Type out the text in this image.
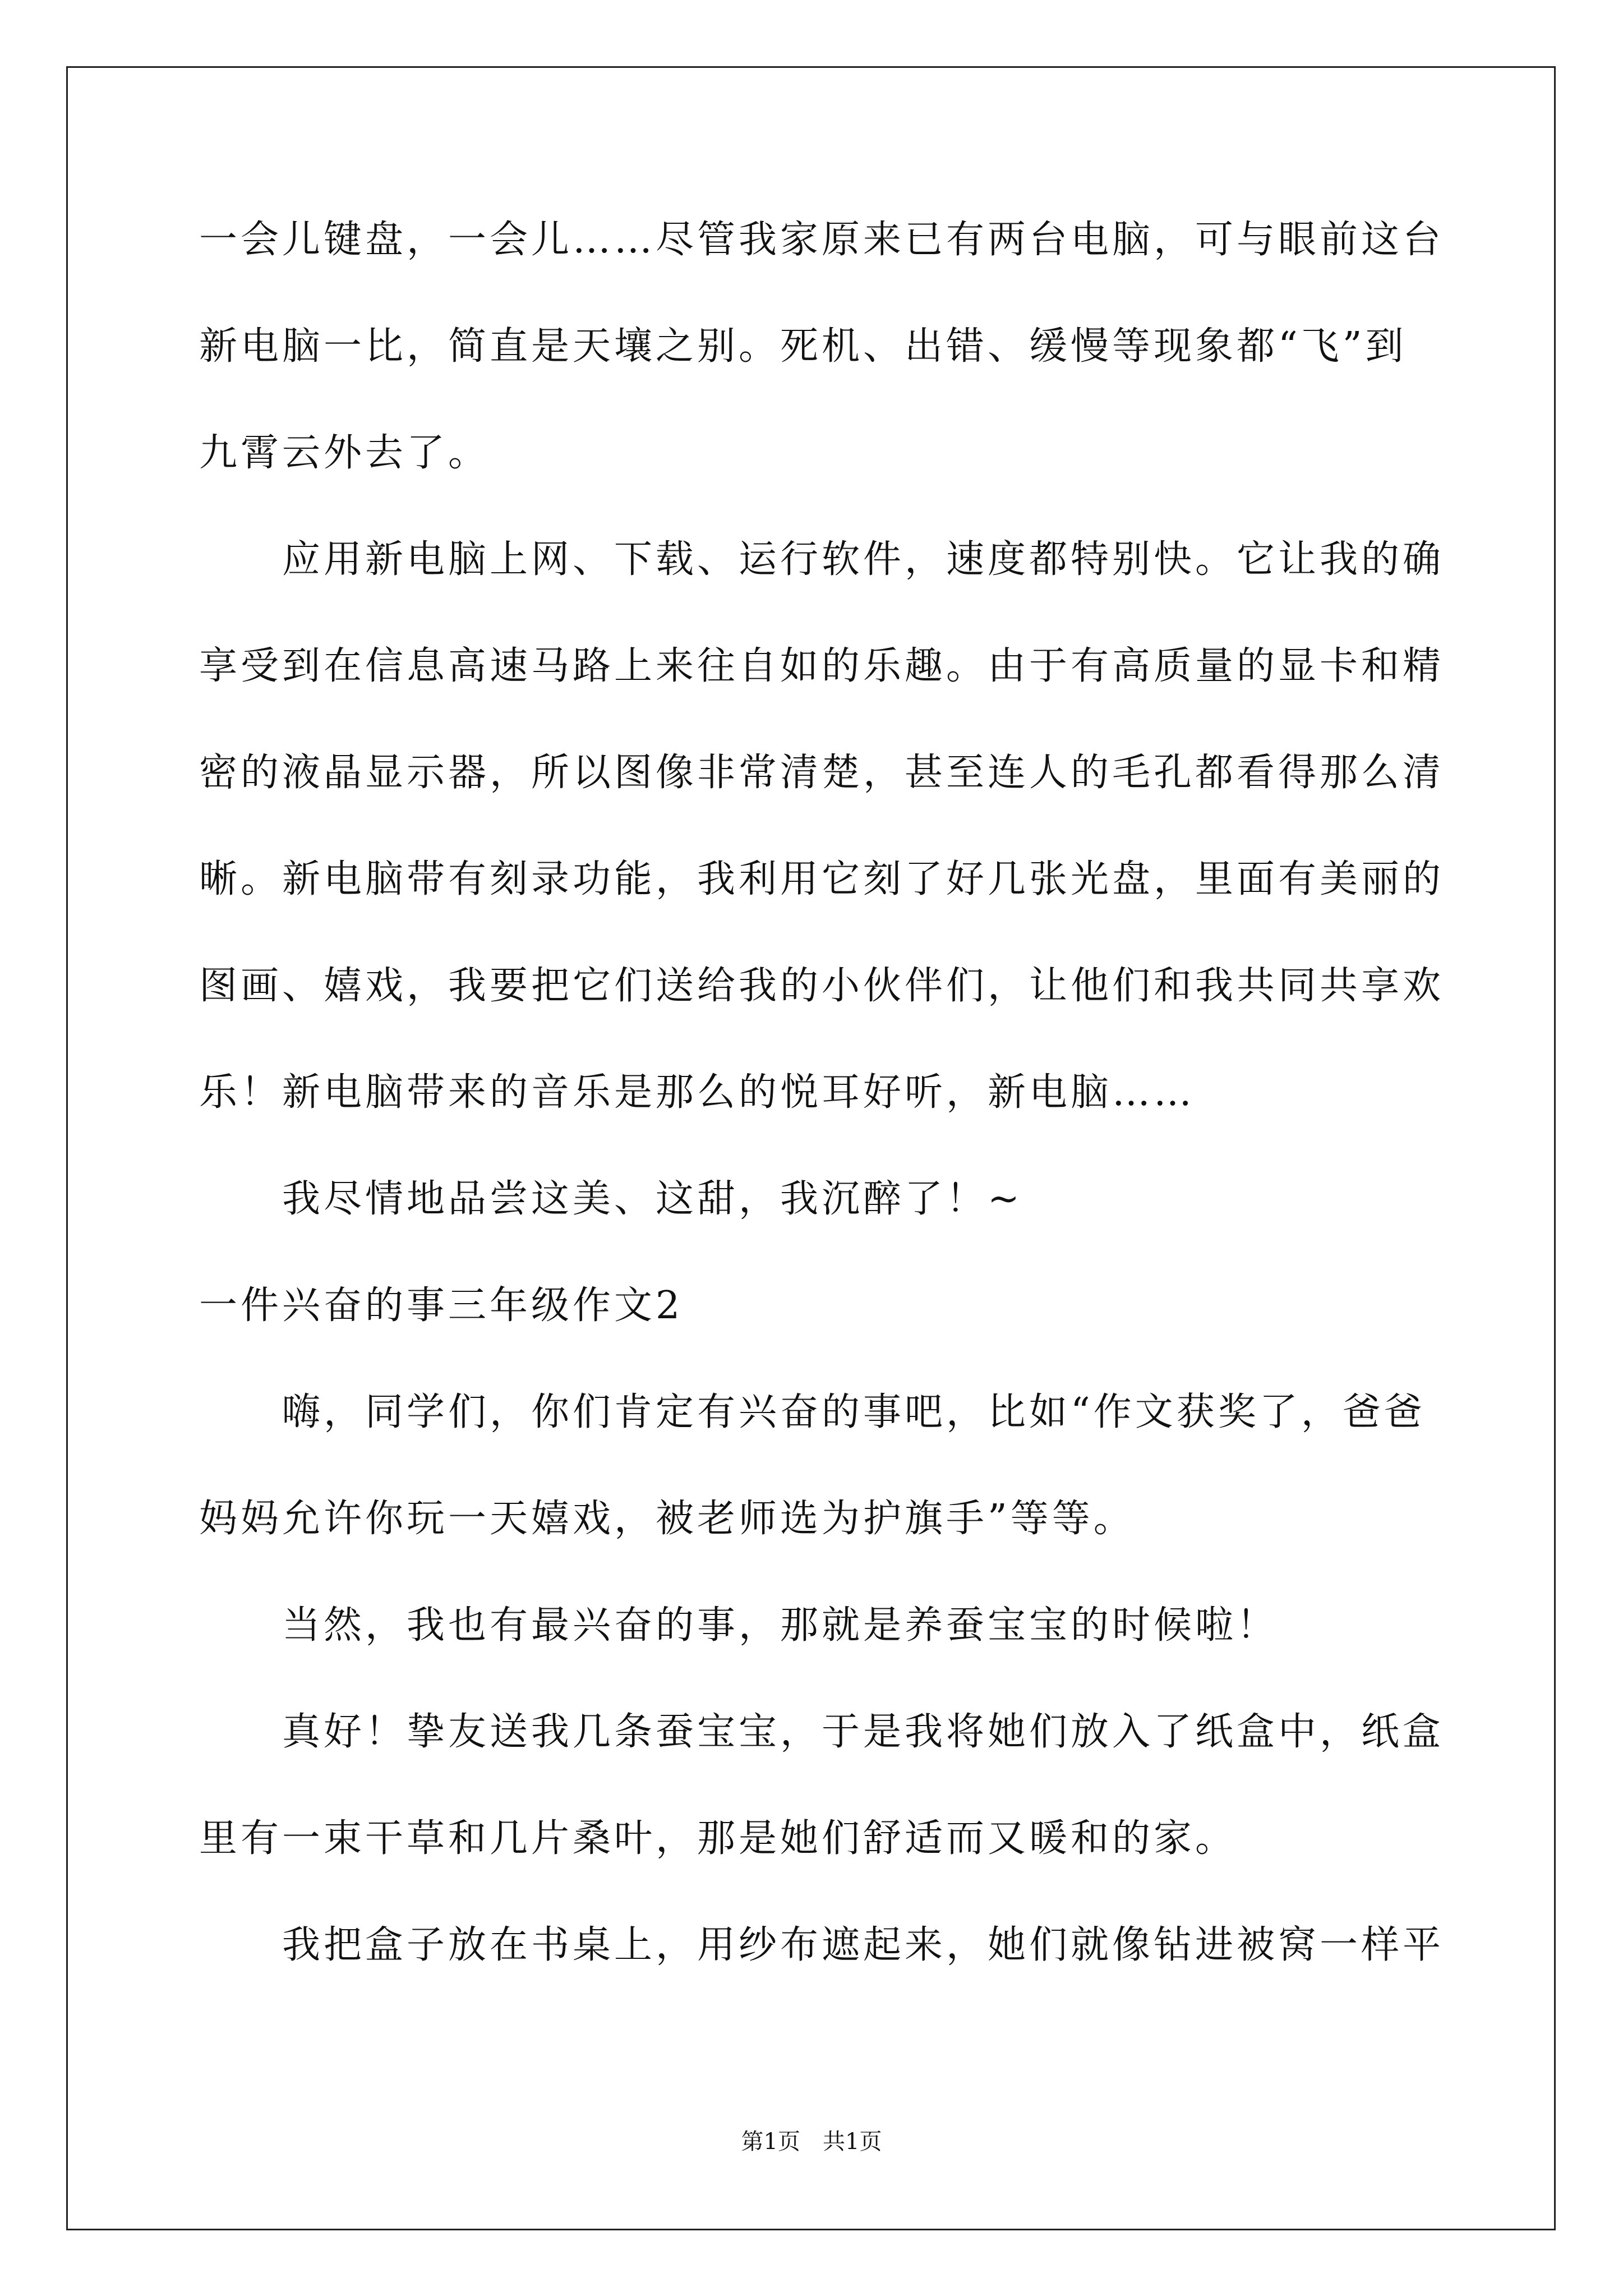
一会儿键盘，一会儿……尽管我家原来已有两台电脑，可与眼前这台
新电脑一比，简直是天壤之别。死机、出错、缓慢等现象都“飞”到
九霄云外去了。
应用新电脑上网、下载、运行软件，速度都特别快。它让我的确
享受到在信息高速马路上来往自如的乐趣。由于有高质量的显卡和精
密的液晶显示器，所以图像非常清楚，甚至连人的毛孔都看得那么清
晰。新电脑带有刻录功能，我利用它刻了好几张光盘，里面有美丽的
图画、嬉戏，我要把它们送给我的小伙伴们，让他们和我共同共享欢
乐！新电脑带来的音乐是那么的悦耳好听，新电脑……
我尽情地品尝这美、这甜，我沉醉了！~
一件兴奋的事三年级作文2
嗨，同学们，你们肯定有兴奋的事吧，比如“作文获奖了，爸爸
妈妈允许你玩一天嬉戏，被老师选为护旗手”等等。
当然，我也有最兴奋的事，那就是养蚕宝宝的时候啦！
真好！挚友送我几条蚕宝宝，于是我将她们放入了纸盒中，纸盒
里有一束干草和几片桑叶，那是她们舒适而又暖和的家。
我把盒子放在书桌上，用纱布遮起来，她们就像钻进被窝一样平
第1页　共1页
